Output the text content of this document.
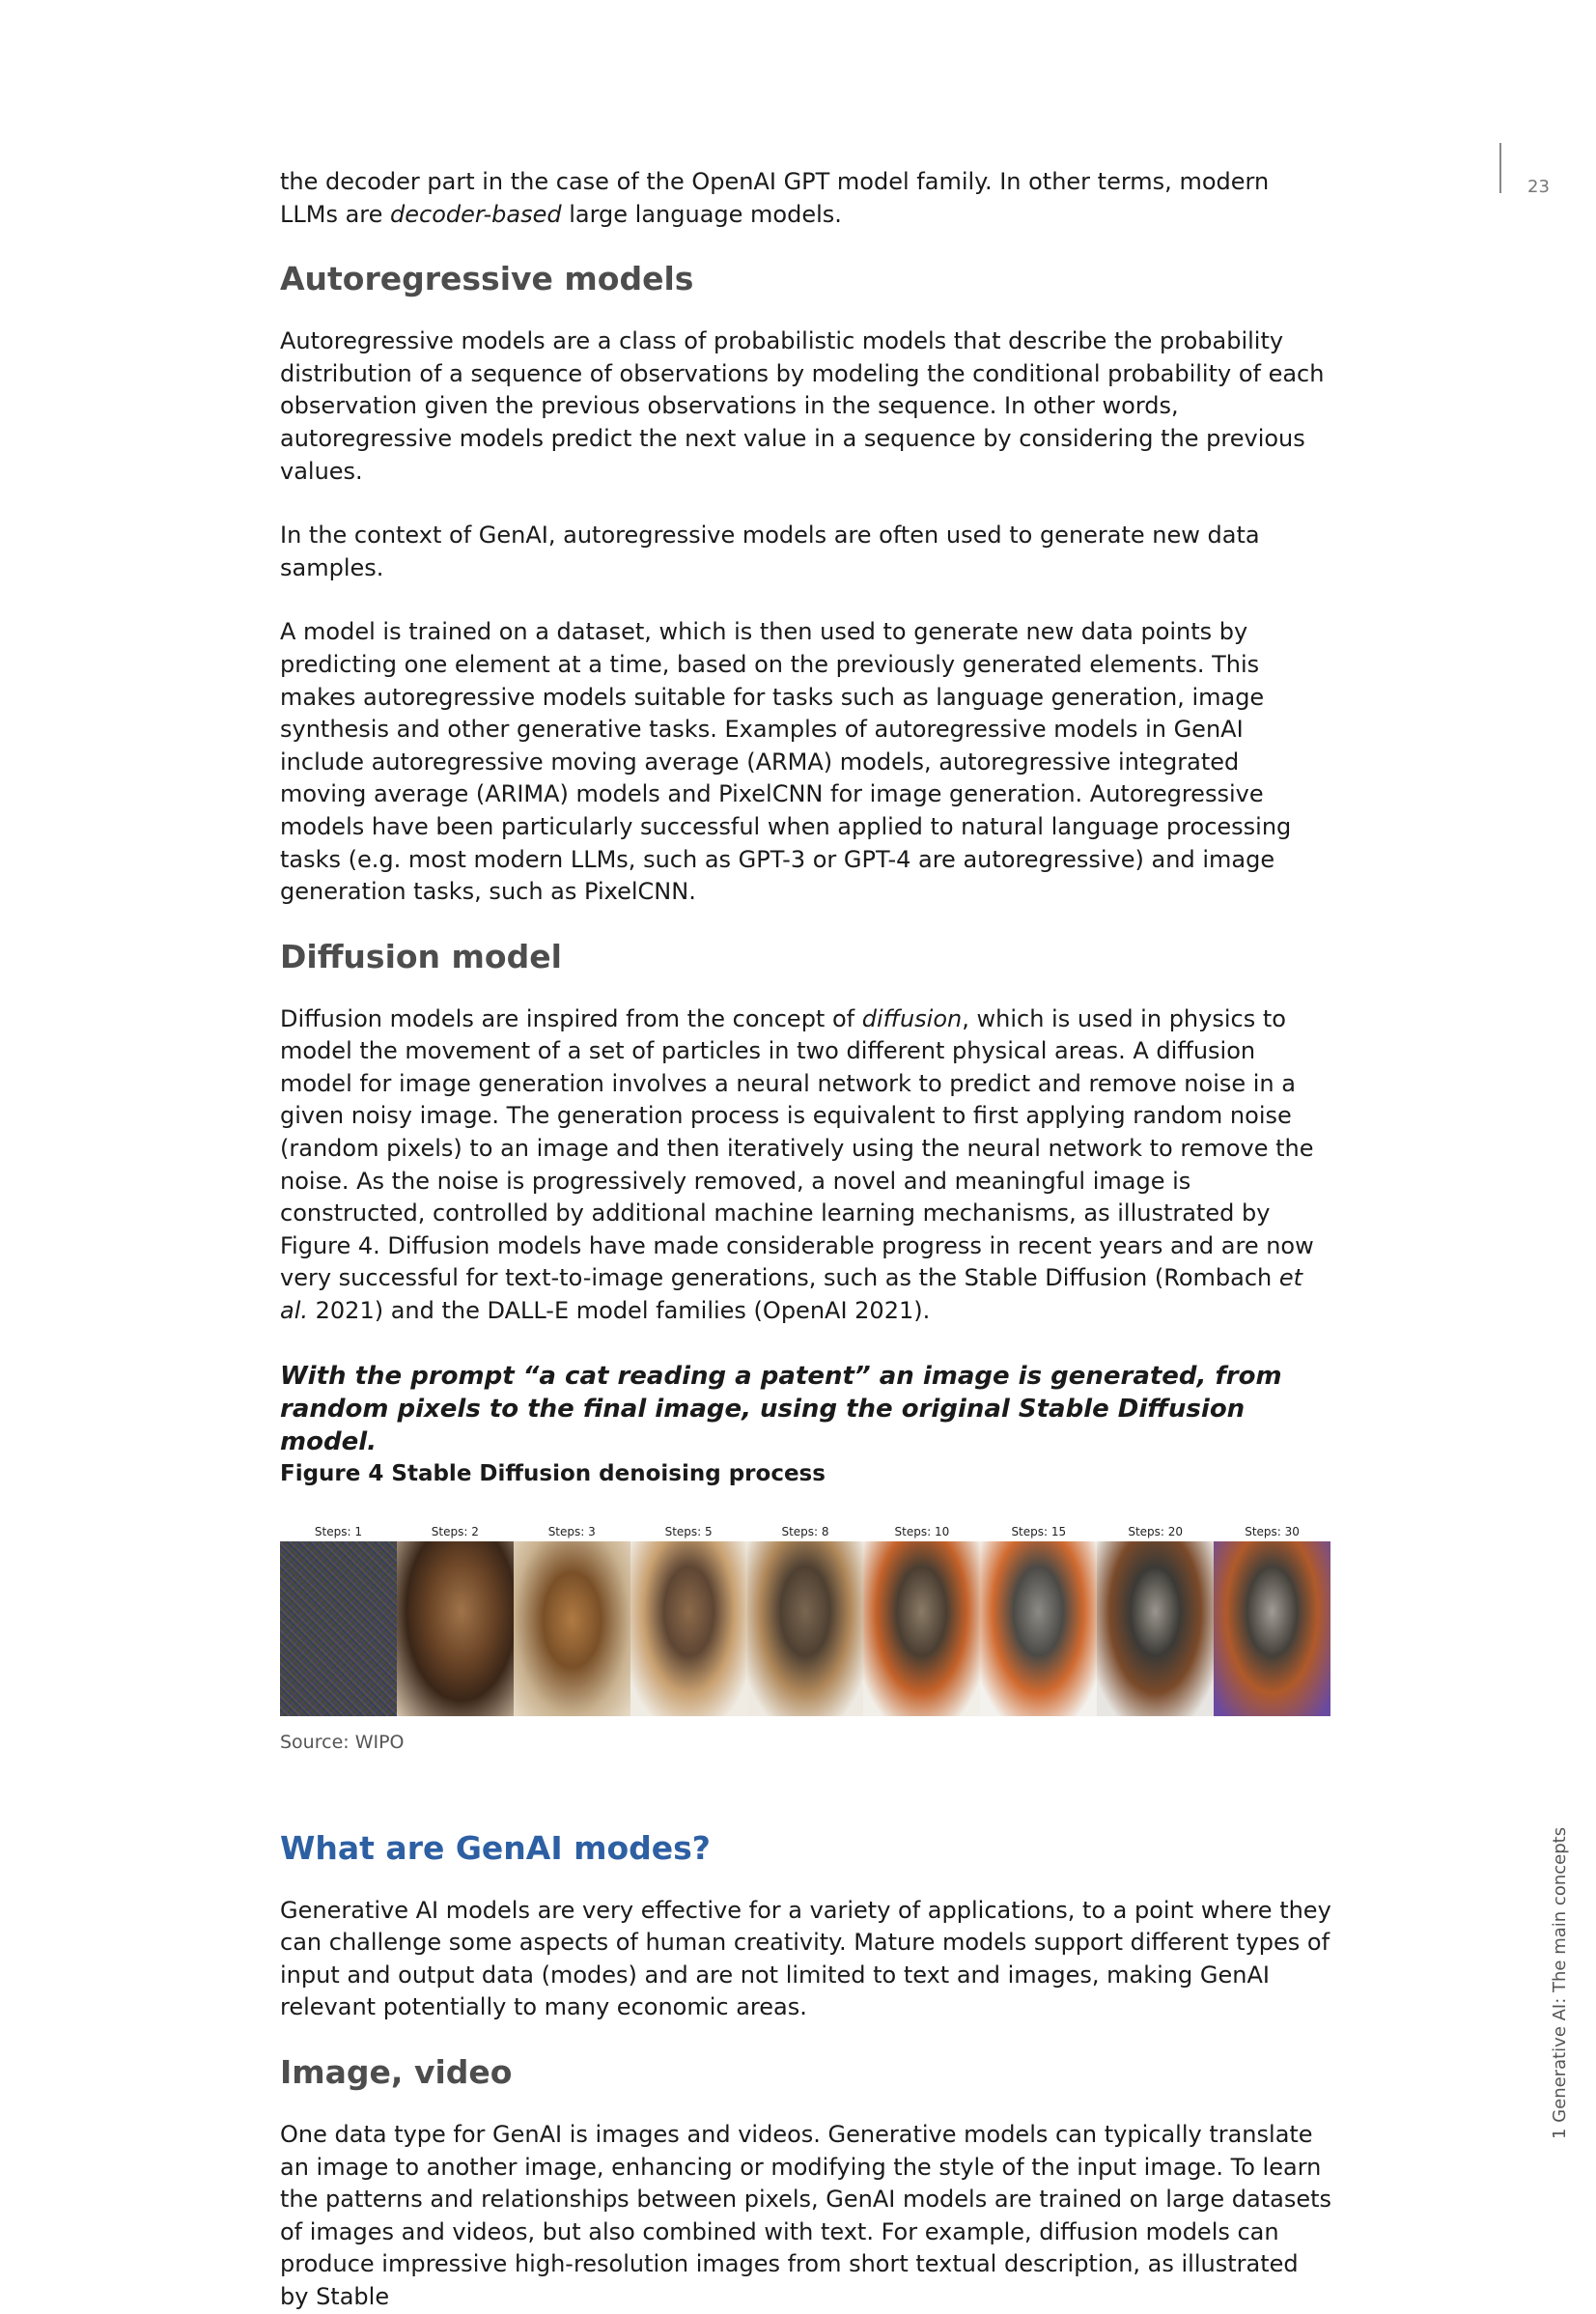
23
1 Generative AI: The main concepts

the decoder part in the case of the OpenAI GPT model family. In other terms, modern LLMs are decoder-based large language models.

Autoregressive models

Autoregressive models are a class of probabilistic models that describe the probability distribution of a sequence of observations by modeling the conditional probability of each observation given the previous observations in the sequence. In other words, autoregressive models predict the next value in a sequence by considering the previous values.

In the context of GenAI, autoregressive models are often used to generate new data samples.

A model is trained on a dataset, which is then used to generate new data points by predicting one element at a time, based on the previously generated elements. This makes autoregressive models suitable for tasks such as language generation, image synthesis and other generative tasks. Examples of autoregressive models in GenAI include autoregressive moving average (ARMA) models, autoregressive integrated moving average (ARIMA) models and PixelCNN for image generation. Autoregressive models have been particularly successful when applied to natural language processing tasks (e.g. most modern LLMs, such as GPT-3 or GPT-4 are autoregressive) and image generation tasks, such as PixelCNN.

Diffusion model

Diffusion models are inspired from the concept of diffusion, which is used in physics to model the movement of a set of particles in two different physical areas. A diffusion model for image generation involves a neural network to predict and remove noise in a given noisy image. The generation process is equivalent to first applying random noise (random pixels) to an image and then iteratively using the neural network to remove the noise. As the noise is progressively removed, a novel and meaningful image is constructed, controlled by additional machine learning mechanisms, as illustrated by Figure 4. Diffusion models have made considerable progress in recent years and are now very successful for text-to-image generations, such as the Stable Diffusion (Rombach et al. 2021) and the DALL-E model families (OpenAI 2021).

With the prompt “a cat reading a patent” an image is generated, from random pixels to the final image, using the original Stable Diffusion model.

Figure 4 Stable Diffusion denoising process

Steps: 1	Steps: 2	Steps: 3	Steps: 5	Steps: 8	Steps: 10	Steps: 15	Steps: 20	Steps: 30

Source: WIPO

What are GenAI modes?

Generative AI models are very effective for a variety of applications, to a point where they can challenge some aspects of human creativity. Mature models support different types of input and output data (modes) and are not limited to text and images, making GenAI relevant potentially to many economic areas.

Image, video

One data type for GenAI is images and videos. Generative models can typically translate an image to another image, enhancing or modifying the style of the input image. To learn the patterns and relationships between pixels, GenAI models are trained on large datasets of images and videos, but also combined with text. For example, diffusion models can produce impressive high-resolution images from short textual description, as illustrated by Stable
